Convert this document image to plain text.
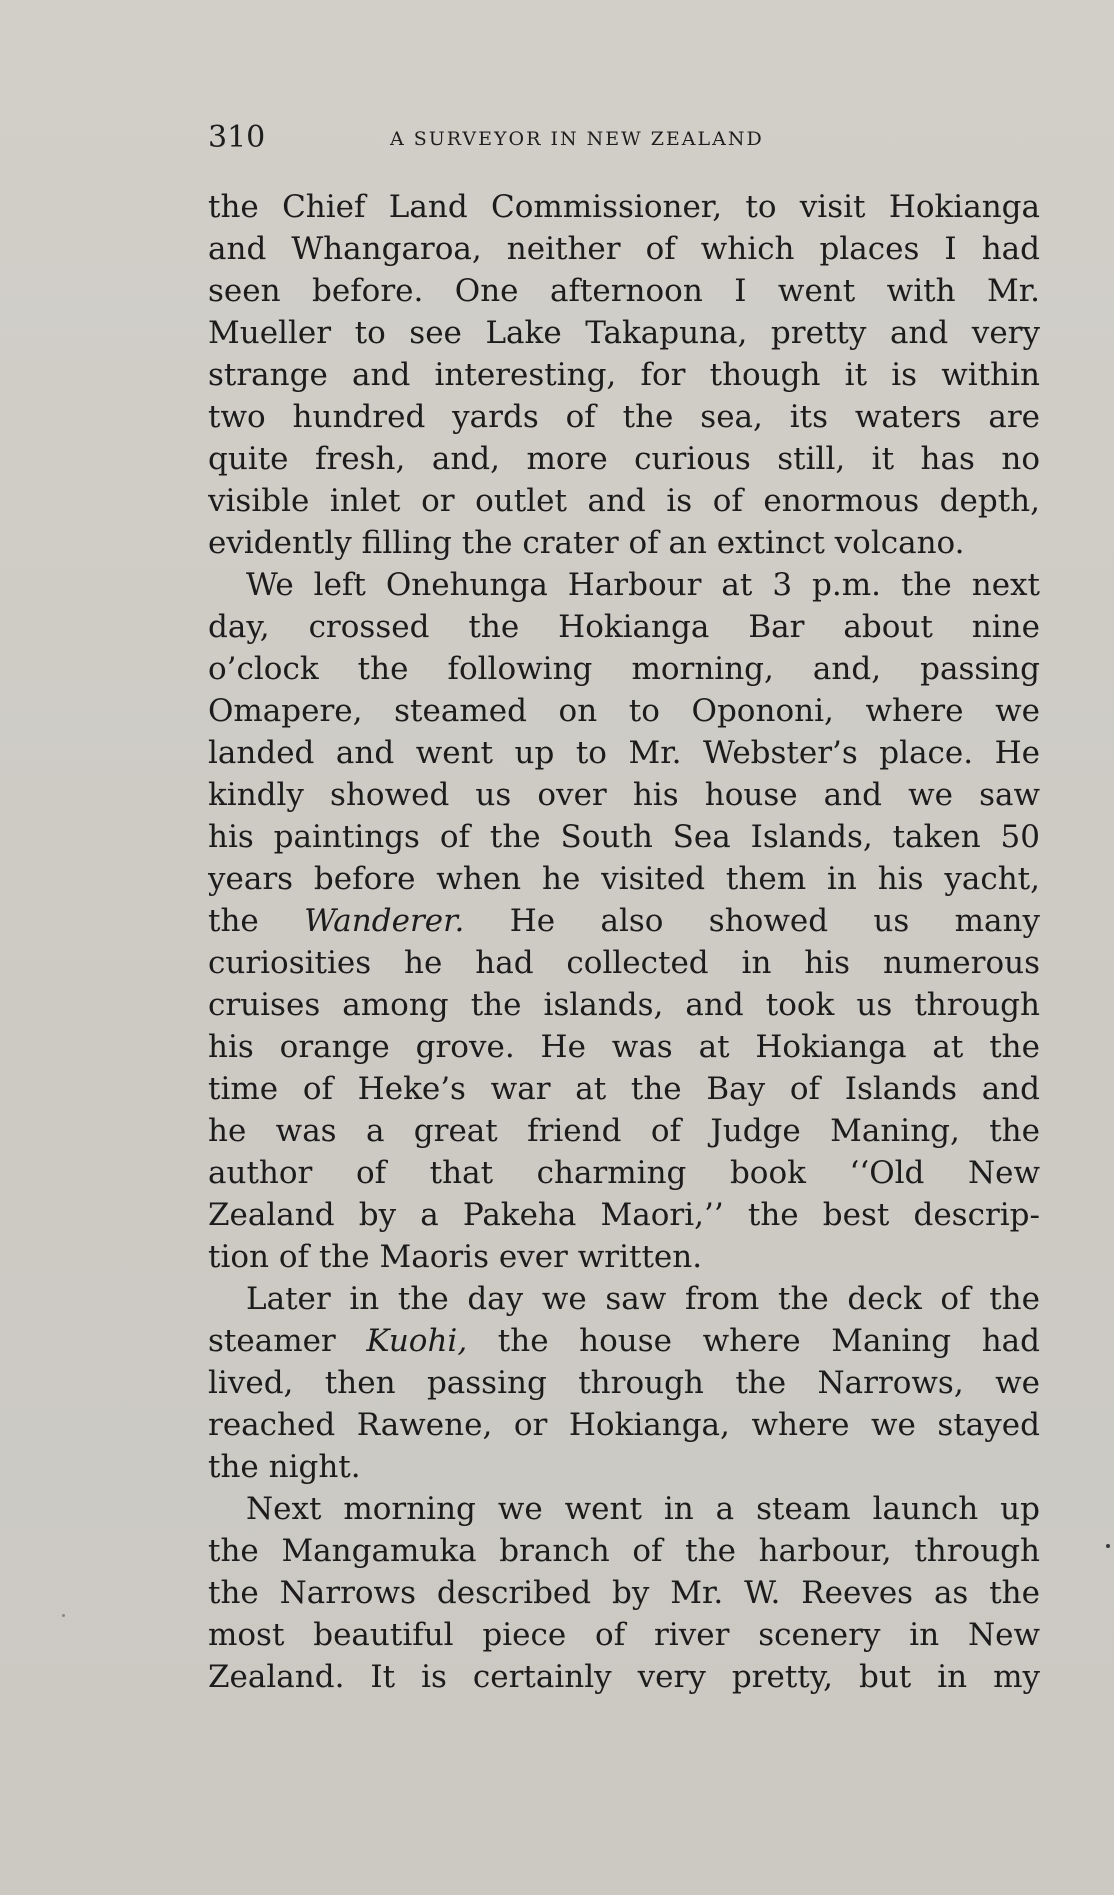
310	A SURVEYOR IN NEW ZEALAND
the Chief Land Commissioner, to visit Hokianga
and Whangaroa, neither of which places I had
seen before. One afternoon I went with Mr.
Mueller to see Lake Takapuna, pretty and very
strange and interesting, for though it is within
two hundred yards of the sea, its waters are
quite fresh, and, more curious still, it has no
visible inlet or outlet and is of enormous depth,
evidently filling the crater of an extinct volcano.
We left Onehunga Harbour at 3 p.m. the next
day, crossed the Hokianga Bar about nine
o’clock the following morning, and, passing
Omapere, steamed on to Opononi, where we
landed and went up to Mr. Webster’s place. He
kindly showed us over his house and we saw
his paintings of the South Sea Islands, taken 50
years before when he visited them in his yacht,
the Wanderer. He also showed us many
curiosities he had collected in his numerous
cruises among the islands, and took us through
his orange grove. He was at Hokianga at the
time of Heke’s war at the Bay of Islands and
he was a great friend of Judge Maning, the
author of that charming book ‘‘Old New
Zealand by a Pakeha Maori,’’ the best descrip-
tion of the Maoris ever written.
Later in the day we saw from the deck of the
steamer Kuohi, the house where Maning had
lived, then passing through the Narrows, we
reached Rawene, or Hokianga, where we stayed
the night.
Next morning we went in a steam launch up
the Mangamuka branch of the harbour, through
the Narrows described by Mr. W. Reeves as the
most beautiful piece of river scenery in New
Zealand. It is certainly very pretty, but in my
